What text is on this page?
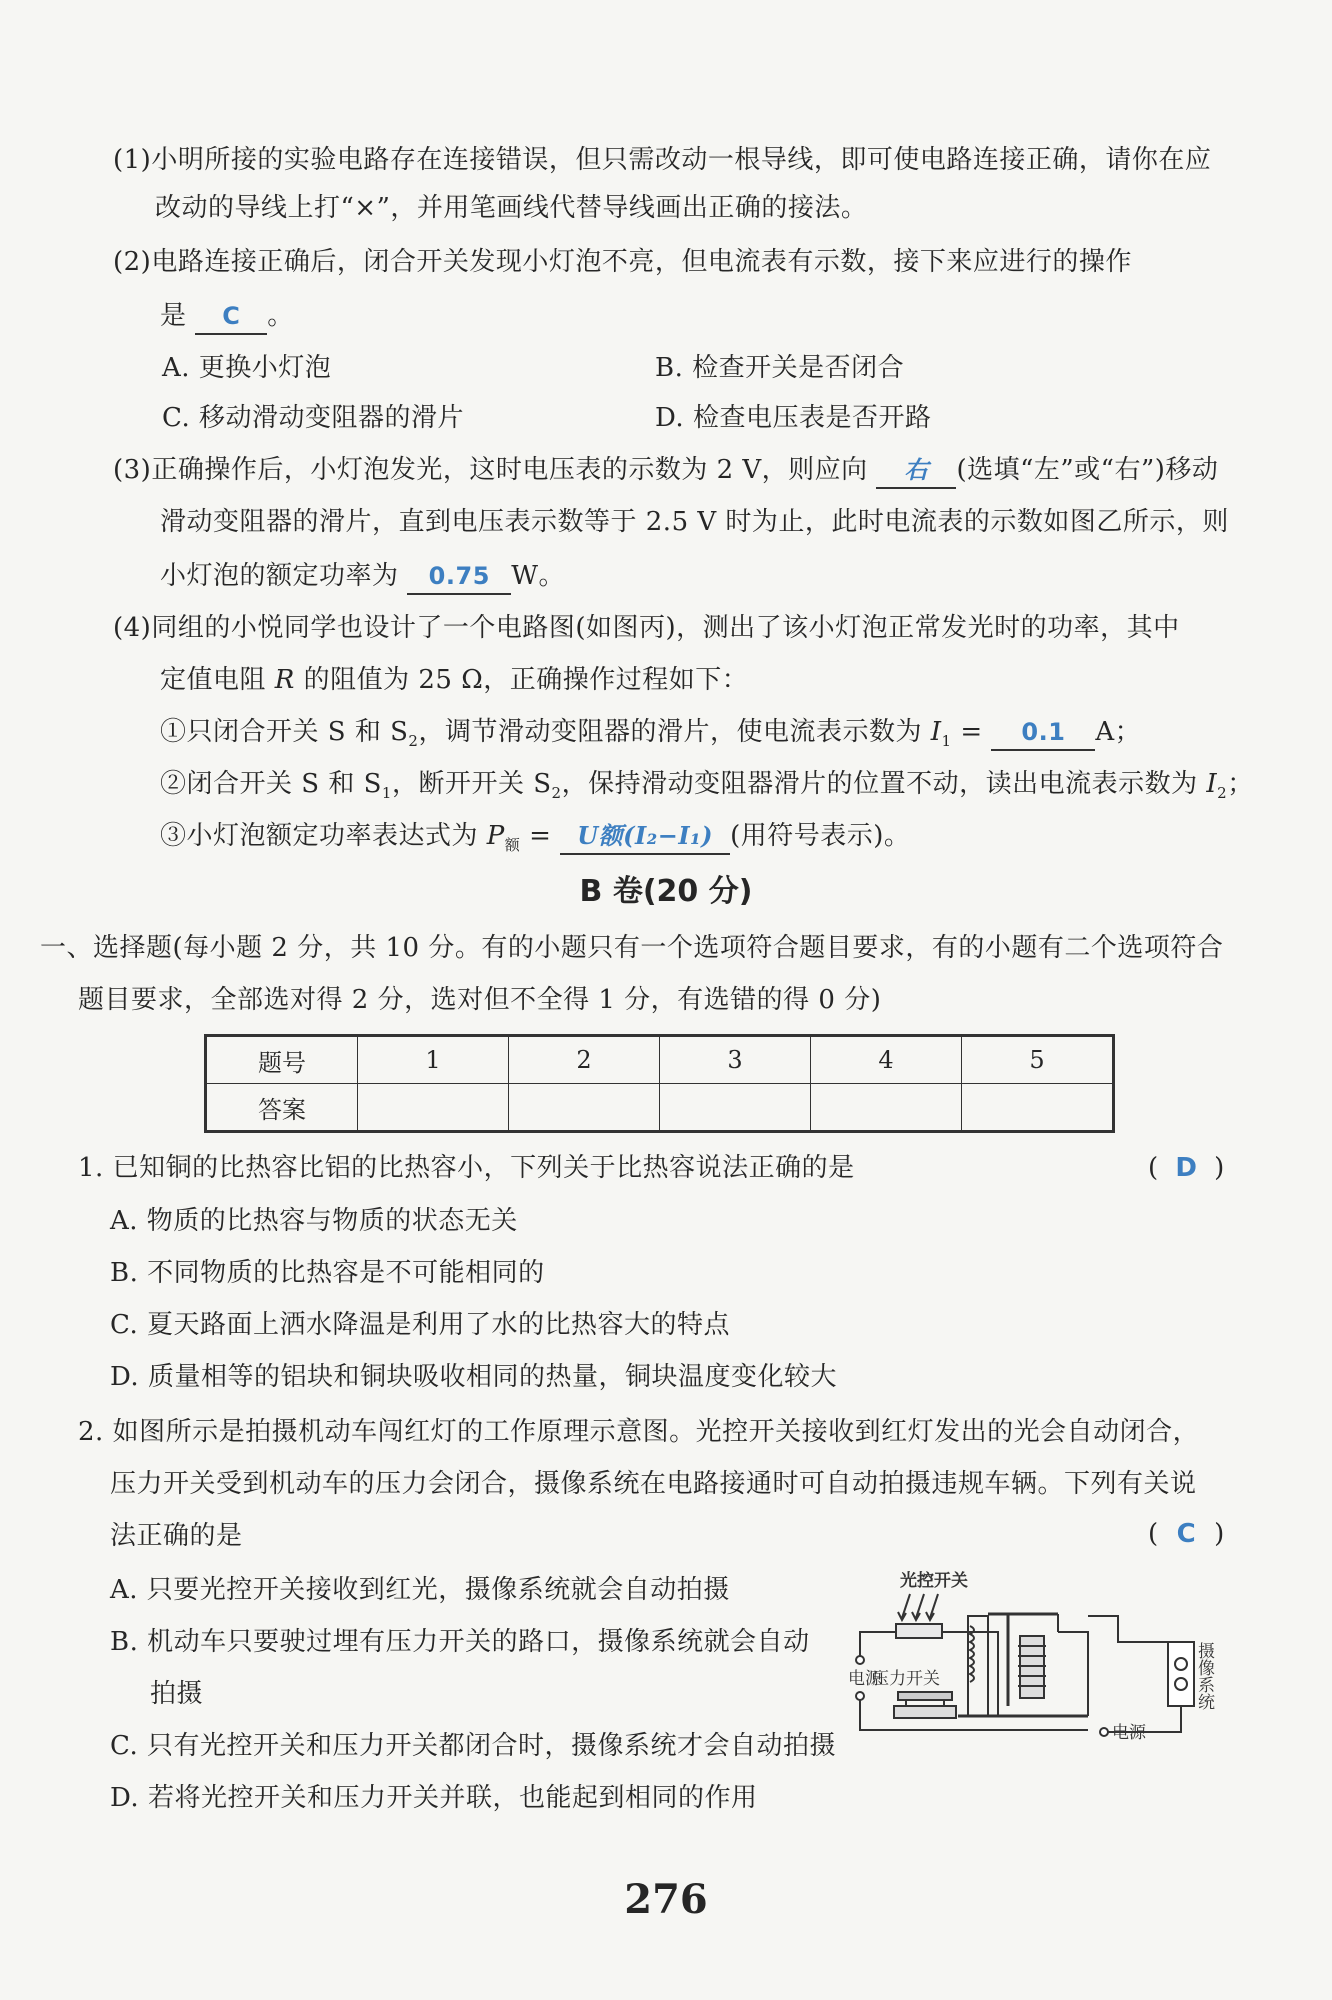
(1)小明所接的实验电路存在连接错误，但只需改动一根导线，即可使电路连接正确，请你在应
改动的导线上打“×”，并用笔画线代替导线画出正确的接法。
(2)电路连接正确后，闭合开关发现小灯泡不亮，但电流表有示数，接下来应进行的操作
是 C 。
A. 更换小灯泡	B. 检查开关是否闭合
C. 移动滑动变阻器的滑片	D. 检查电压表是否开路
(3)正确操作后，小灯泡发光，这时电压表的示数为 2 V，则应向 右 (选填“左”或“右”)移动
滑动变阻器的滑片，直到电压表示数等于 2.5 V 时为止，此时电流表的示数如图乙所示，则
小灯泡的额定功率为 0.75 W。
(4)同组的小悦同学也设计了一个电路图(如图丙)，测出了该小灯泡正常发光时的功率，其中
定值电阻 R 的阻值为 25 Ω，正确操作过程如下：
①只闭合开关 S 和 $S_2$，调节滑动变阻器的滑片，使电流表示数为 $I_1 = 0.1$ A；
②闭合开关 S 和 $S_1$，断开开关 $S_2$，保持滑动变阻器滑片的位置不动，读出电流表示数为 $I_2$；
③小灯泡额定功率表达式为 $P_额 = U$额(I₂−I₁) (用符号表示)。
B 卷(20 分)
一、选择题(每小题 2 分，共 10 分。有的小题只有一个选项符合题目要求，有的小题有二个选项符合
题目要求，全部选对得 2 分，选对但不全得 1 分，有选错的得 0 分)
题号	1	2	3	4	5
答案					
1. 已知铜的比热容比铝的比热容小，下列关于比热容说法正确的是	( D )
A. 物质的比热容与物质的状态无关
B. 不同物质的比热容是不可能相同的
C. 夏天路面上洒水降温是利用了水的比热容大的特点
D. 质量相等的铝块和铜块吸收相同的热量，铜块温度变化较大
2. 如图所示是拍摄机动车闯红灯的工作原理示意图。光控开关接收到红灯发出的光会自动闭合，
压力开关受到机动车的压力会闭合，摄像系统在电路接通时可自动拍摄违规车辆。下列有关说
法正确的是	( C )
A. 只要光控开关接收到红光，摄像系统就会自动拍摄
B. 机动车只要驶过埋有压力开关的路口，摄像系统就会自动
拍摄
C. 只有光控开关和压力开关都闭合时，摄像系统才会自动拍摄
D. 若将光控开关和压力开关并联，也能起到相同的作用
光控开关
电源
压力开关	摄像系统
电源
276
